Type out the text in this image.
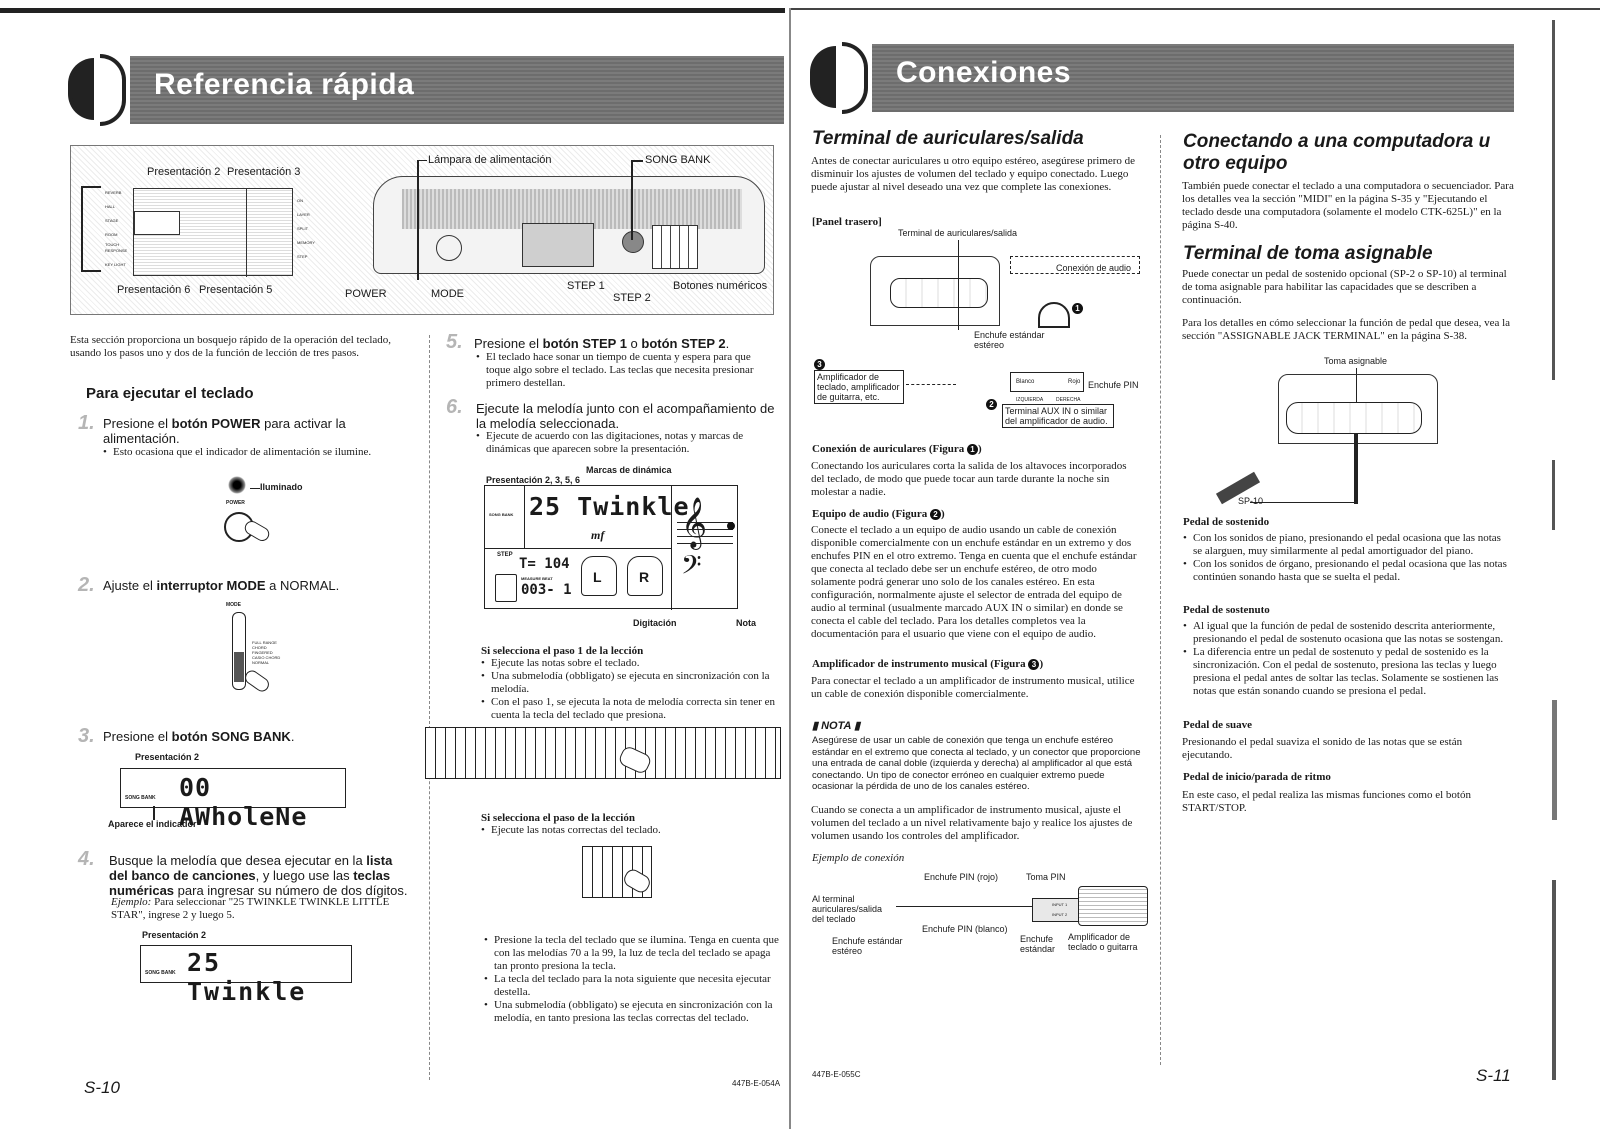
Referencia rápida	Conexiones
Presentación 2 Presentación 3
REVERB
HALL
STAGE
ROOM
TOUCH RESPONSE
KEY LIGHT
ON
LAYER
SPLIT
MEMORY
STEP
Presentación 6 Presentación 5
Lámpara de alimentación	SONG BANK
POWER	MODE
STEP 1
STEP 2
Botones numéricos
Esta sección proporciona un bosquejo rápido de la operación del teclado, usando los pasos uno y dos de la función de lección de tres pasos.
Para ejecutar el teclado
1. Presione el botón POWER para activar la alimentación.
• Esto ocasiona que el indicador de alimentación se ilumine.
Iluminado
POWER
2. Ajuste el interruptor MODE a NORMAL.
MODE
FULL RANGE
CHORD
FINGERED
CASIO CHORD
NORMAL
3. Presione el botón SONG BANK.
Presentación 2
SONG BANK 00 AWholeNe
Aparece el indicador
4. Busque la melodía que desea ejecutar en la lista del banco de canciones, y luego use las teclas numéricas para ingresar su número de dos dígitos.
Ejemplo: Para seleccionar "25 TWINKLE TWINKLE LITTLE STAR", ingrese 2 y luego 5.
Presentación 2
SONG BANK 25 Twinkle
5. Presione el botón STEP 1 o botón STEP 2.
• El teclado hace sonar un tiempo de cuenta y espera para que toque algo sobre el teclado. Las teclas que necesita presionar primero destellan.
6. Ejecute la melodía junto con el acompañamiento de la melodía seleccionada.
• Ejecute de acuerdo con las digitaciones, notas y marcas de dinámicas que aparecen sobre la presentación.
Marcas de dinámica
Presentación 2, 3, 5, 6
SONG BANK 25 Twinkle
mf
STEP
T= 104
MEASURE BEAT
003- 1
L	R
𝄞
𝄢
Digitación	Nota
Si selecciona el paso 1 de la lección
• Ejecute las notas sobre el teclado.
• Una submelodía (obbligato) se ejecuta en sincronización con la melodía.
• Con el paso 1, se ejecuta la nota de melodía correcta sin tener en cuenta la tecla del teclado que presiona.
Si selecciona el paso de la lección
• Ejecute las notas correctas del teclado.
• Presione la tecla del teclado que se ilumina. Tenga en cuenta que con las melodías 70 a la 99, la luz de tecla del teclado se apaga tan pronto presiona la tecla.
• La tecla del teclado para la nota siguiente que necesita ejecutar destella.
• Una submelodía (obbligato) se ejecuta en sincronización con la melodía, en tanto presiona las teclas correctas del teclado.
S-10	447B-E-054A
Terminal de auriculares/salida
Antes de conectar auriculares u otro equipo estéreo, asegúrese primero de disminuir los ajustes de volumen del teclado y equipo conectado. Luego puede ajustar al nivel deseado una vez que complete las conexiones.
[Panel trasero]
Terminal de auriculares/salida
Conexión de audio
Enchufe estándar estéreo
1
3
Amplificador de teclado, amplificador de guitarra, etc.
Blanco	Rojo Enchufe PIN
2	IZQUIERDA	DERECHA
Terminal AUX IN o similar del amplificador de audio.
Conexión de auriculares (Figura 1 )
Conectando los auriculares corta la salida de los altavoces incorporados del teclado, de modo que puede tocar aun tarde durante la noche sin molestar a nadie.
Equipo de audio (Figura 2 )
Conecte el teclado a un equipo de audio usando un cable de conexión disponible comercialmente con un enchufe estándar en un extremo y dos enchufes PIN en el otro extremo. Tenga en cuenta que el enchufe estándar que conecta al teclado debe ser un enchufe estéreo, de otro modo solamente podrá generar uno solo de los canales estéreo. En esta configuración, normalmente ajuste el selector de entrada del equipo de audio al terminal (usualmente marcado AUX IN o similar) en donde se conecta el cable del teclado. Para los detalles completos vea la documentación para el usuario que viene con el equipo de audio.
Amplificador de instrumento musical (Figura 3 )
Para conectar el teclado a un amplificador de instrumento musical, utilice un cable de conexión disponible comercialmente.
▮ NOTA ▮
Asegúrese de usar un cable de conexión que tenga un enchufe estéreo estándar en el extremo que conecta al teclado, y un conector que proporcione una entrada de canal doble (izquierda y derecha) al amplificador al que está conectando. Un tipo de conector erróneo en cualquier extremo puede ocasionar la pérdida de uno de los canales estéreo.
Cuando se conecta a un amplificador de instrumento musical, ajuste el volumen del teclado a un nivel relativamente bajo y realice los ajustes de volumen usando los controles del amplificador.
Ejemplo de conexión
Enchufe PIN (rojo)	Toma PIN
Al terminal auriculares/salida del teclado
INPUT 1
INPUT 2
Enchufe PIN (blanco)
Enchufe estándar estéreo
Enchufe estándar
Amplificador de teclado o guitarra
Conectando a una computadora u otro equipo
También puede conectar el teclado a una computadora o secuenciador. Para los detalles vea la sección "MIDI" en la página S-35 y "Ejecutando el teclado desde una computadora (solamente el modelo CTK-625L)" en la página S-40.
Terminal de toma asignable
Puede conectar un pedal de sostenido opcional (SP-2 o SP-10) al terminal de toma asignable para habilitar las capacidades que se describen a continuación.
Para los detalles en cómo seleccionar la función de pedal que desea, vea la sección "ASSIGNABLE JACK TERMINAL" en la página S-38.
Toma asignable
SP-10
Pedal de sostenido
• Con los sonidos de piano, presionando el pedal ocasiona que las notas se alarguen, muy similarmente al pedal amortiguador del piano.
• Con los sonidos de órgano, presionando el pedal ocasiona que las notas continúen sonando hasta que se suelta el pedal.
Pedal de sostenuto
• Al igual que la función de pedal de sostenido descrita anteriormente, presionando el pedal de sostenuto ocasiona que las notas se sostengan.
• La diferencia entre un pedal de sostenuto y pedal de sostenido es la sincronización. Con el pedal de sostenuto, presiona las teclas y luego presiona el pedal antes de soltar las teclas. Solamente se sostienen las notas que están sonando cuando se presiona el pedal.
Pedal de suave
Presionando el pedal suaviza el sonido de las notas que se están ejecutando.
Pedal de inicio/parada de ritmo
En este caso, el pedal realiza las mismas funciones como el botón START/STOP.
447B-E-055C	S-11
